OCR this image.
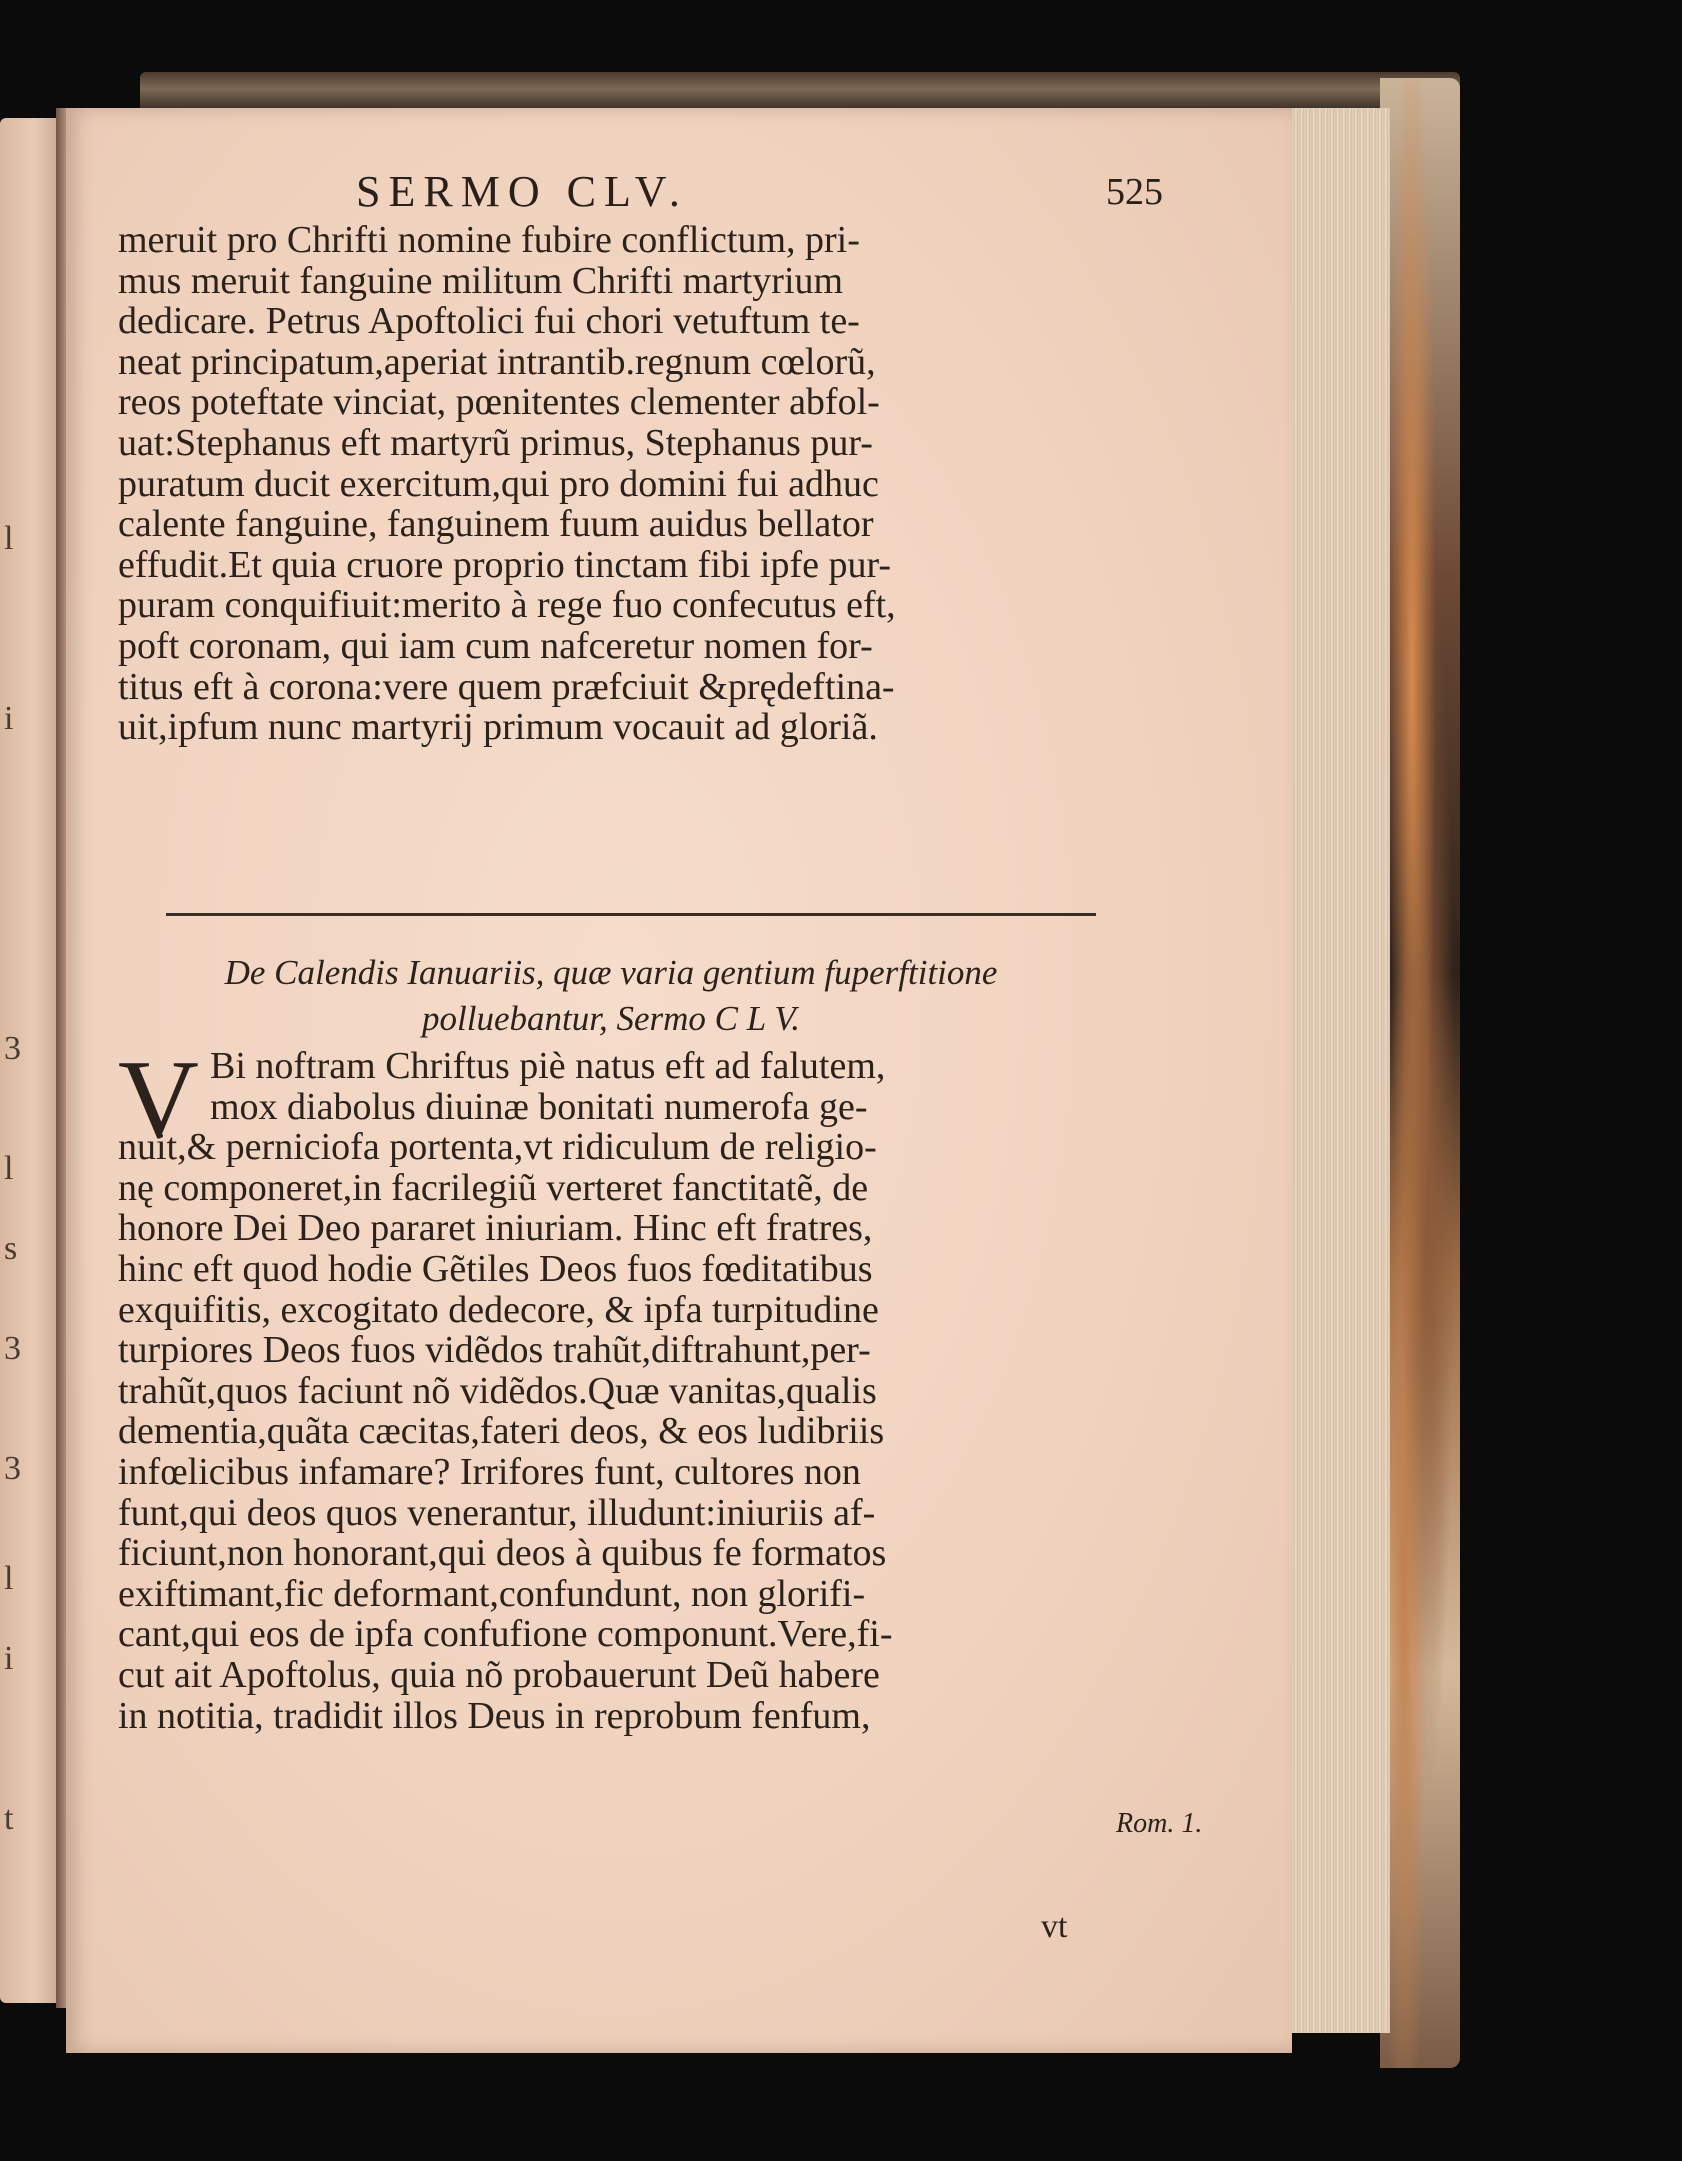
l
i
3
l
s
3
3
l
i
t
SERMO CLV.	525
meruit pro Chrifti nomine fubire conflictum, pri-
mus meruit fanguine militum Chrifti martyrium
dedicare. Petrus Apoftolici fui chori vetuftum te-
neat principatum,aperiat intrantib.regnum cœlorũ,
reos poteftate vinciat, pœnitentes clementer abfol-
uat:Stephanus eft martyrũ primus, Stephanus pur-
puratum ducit exercitum,qui pro domini fui adhuc
calente fanguine, fanguinem fuum auidus bellator
effudit.Et quia cruore proprio tinctam fibi ipfe pur-
puram conquifiuit:merito à rege fuo confecutus eft,
poft coronam, qui iam cum nafceretur nomen for-
titus eft à corona:vere quem præfciuit &prędeftina-
uit,ipfum nunc martyrij primum vocauit ad gloriã.
De Calendis Ianuariis, quæ varia gentium fuperftitione
polluebantur, Sermo C L V.
V Bi noftram Chriftus piè natus eft ad falutem,
mox diabolus diuinæ bonitati numerofa ge-
nuit,& perniciofa portenta,vt ridiculum de religio-
nę componeret,in facrilegiũ verteret fanctitatẽ, de
honore Dei Deo pararet iniuriam. Hinc eft fratres,
hinc eft quod hodie Gẽtiles Deos fuos fœditatibus
exquifitis, excogitato dedecore, & ipfa turpitudine
turpiores Deos fuos vidẽdos trahũt,diftrahunt,per-
trahũt,quos faciunt nõ vidẽdos.Quæ vanitas,qualis
dementia,quãta cæcitas,fateri deos, & eos ludibriis
infœlicibus infamare? Irrifores funt, cultores non
funt,qui deos quos venerantur, illudunt:iniuriis af-
ficiunt,non honorant,qui deos à quibus fe formatos
exiftimant,fic deformant,confundunt, non glorifi-
cant,qui eos de ipfa confufione componunt.Vere,fi-
cut ait Apoftolus, quia nõ probauerunt Deũ habere
in notitia, tradidit illos Deus in reprobum fenfum,
Rom. 1.
vt
